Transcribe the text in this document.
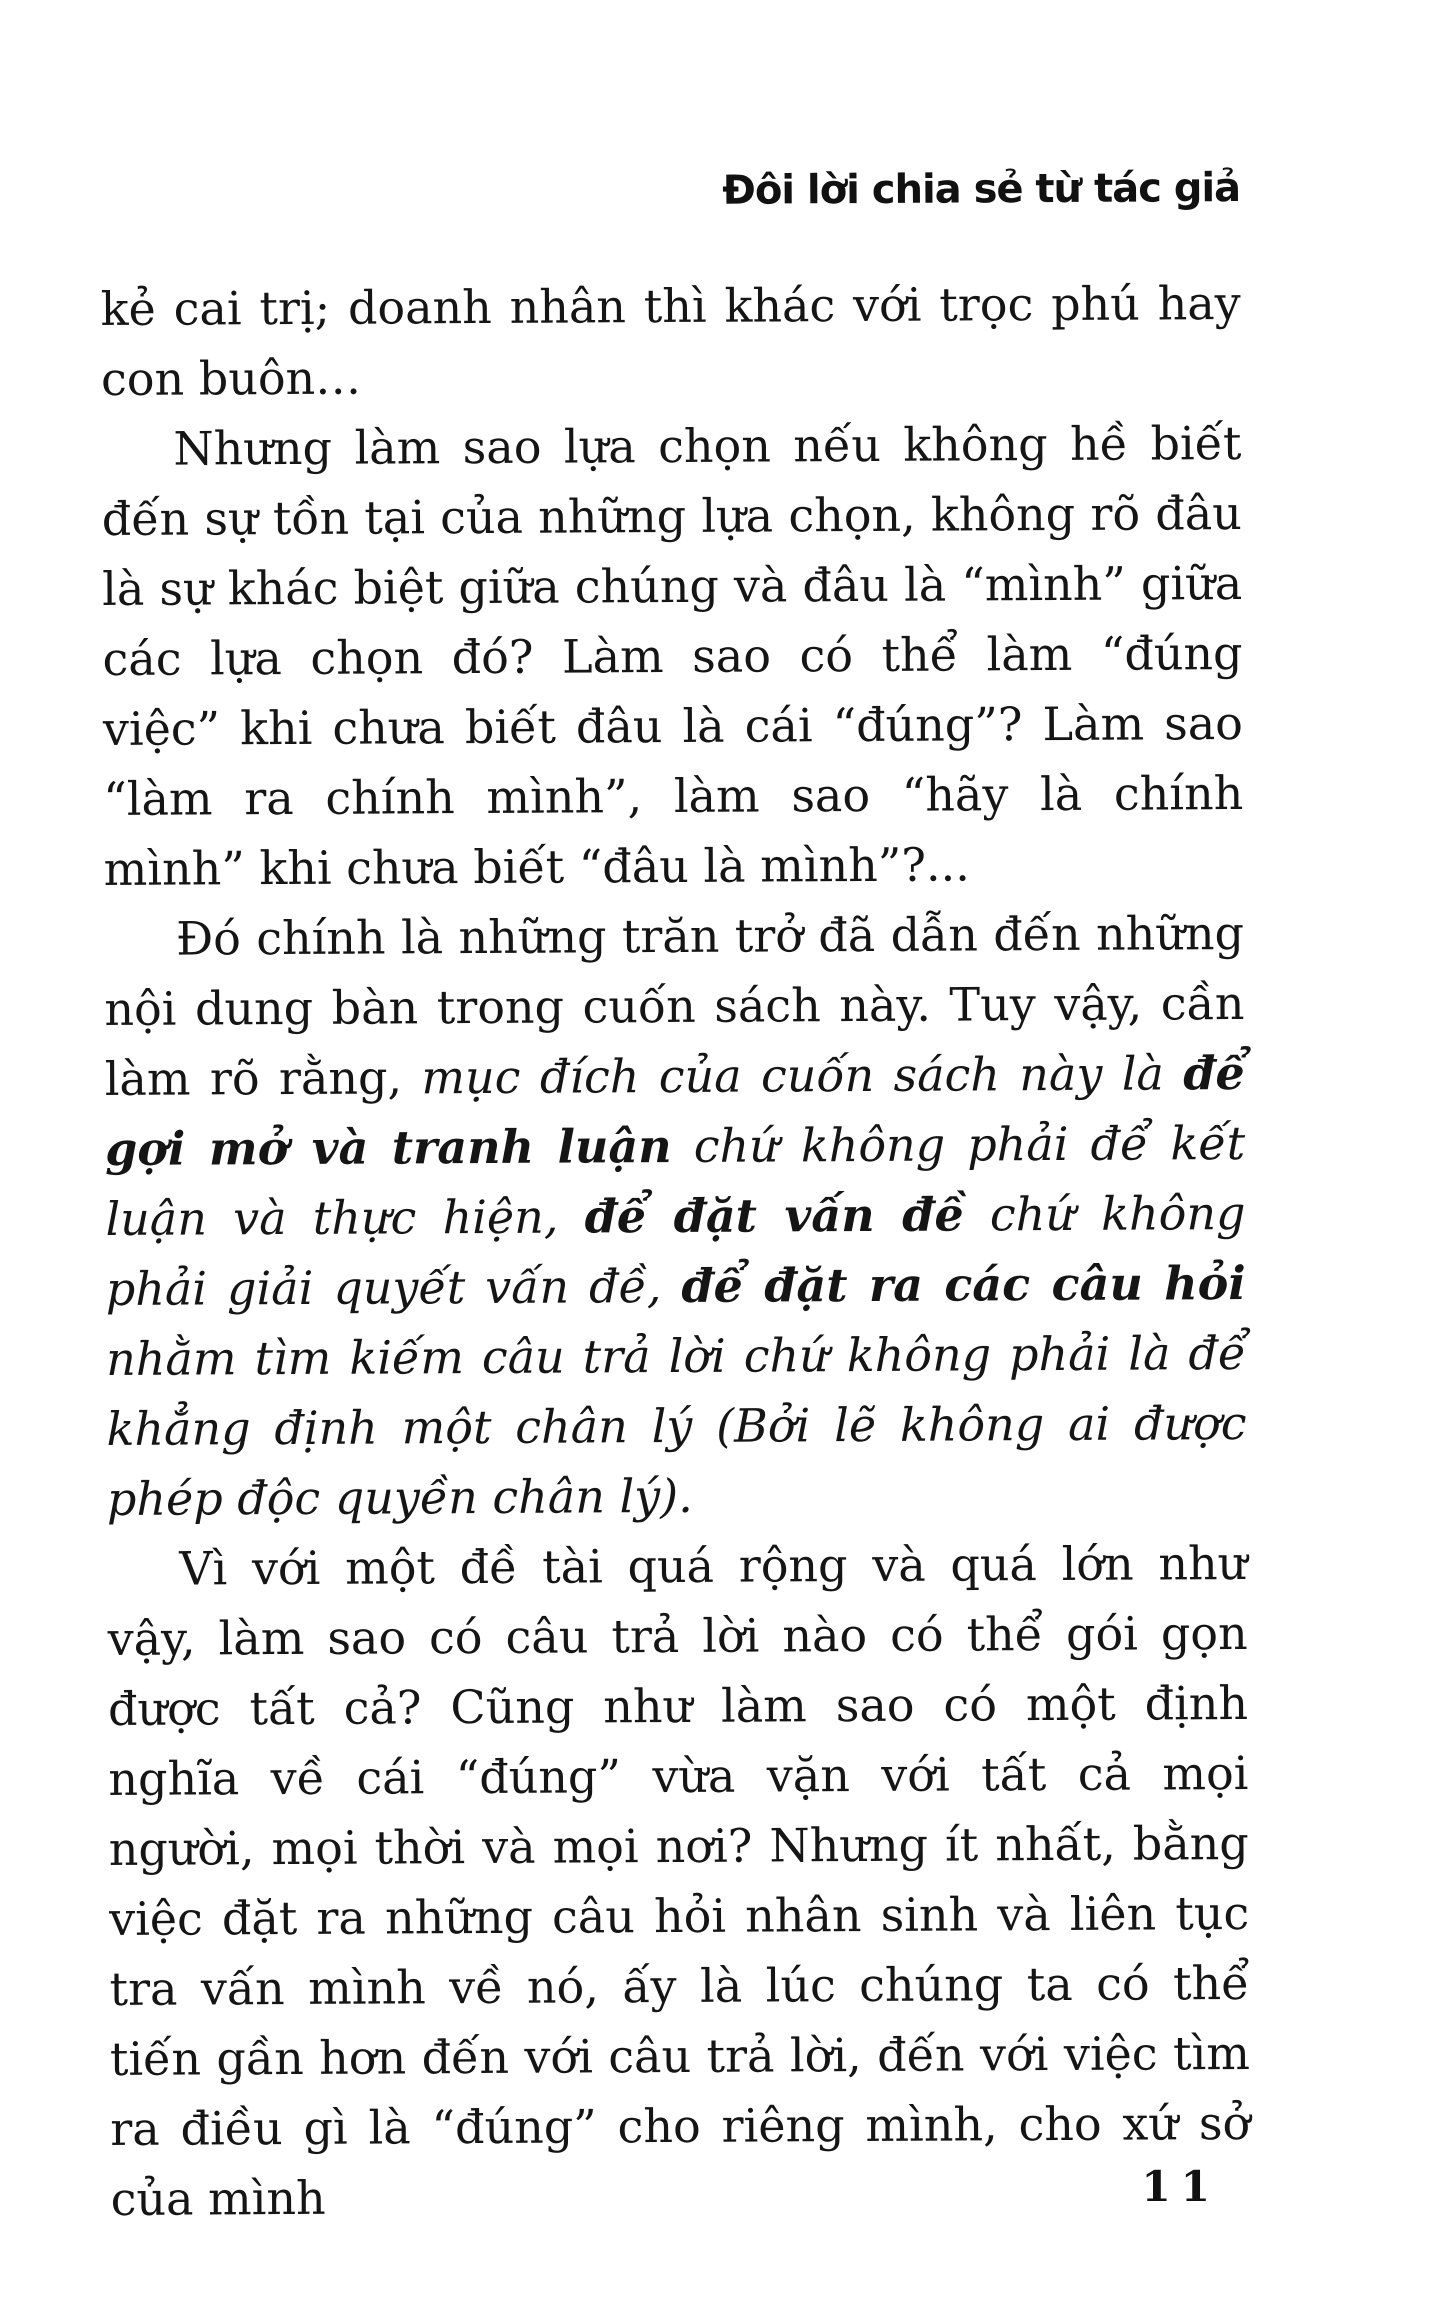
Đôi lời chia sẻ từ tác giả

kẻ cai trị; doanh nhân thì khác với trọc phú hay con buôn…

Nhưng làm sao lựa chọn nếu không hề biết đến sự tồn tại của những lựa chọn, không rõ đâu là sự khác biệt giữa chúng và đâu là “mình” giữa các lựa chọn đó? Làm sao có thể làm “đúng việc” khi chưa biết đâu là cái “đúng”? Làm sao “làm ra chính mình”, làm sao “hãy là chính mình” khi chưa biết “đâu là mình”?...

Đó chính là những trăn trở đã dẫn đến những nội dung bàn trong cuốn sách này. Tuy vậy, cần làm rõ rằng, mục đích của cuốn sách này là để gợi mở và tranh luận chứ không phải để kết luận và thực hiện, để đặt vấn đề chứ không phải giải quyết vấn đề, để đặt ra các câu hỏi nhằm tìm kiếm câu trả lời chứ không phải là để khẳng định một chân lý (Bởi lẽ không ai được phép độc quyền chân lý).

Vì với một đề tài quá rộng và quá lớn như vậy, làm sao có câu trả lời nào có thể gói gọn được tất cả? Cũng như làm sao có một định nghĩa về cái “đúng” vừa vặn với tất cả mọi người, mọi thời và mọi nơi? Nhưng ít nhất, bằng việc đặt ra những câu hỏi nhân sinh và liên tục tra vấn mình về nó, ấy là lúc chúng ta có thể tiến gần hơn đến với câu trả lời, đến với việc tìm ra điều gì là “đúng” cho riêng mình, cho xứ sở của mình	11
